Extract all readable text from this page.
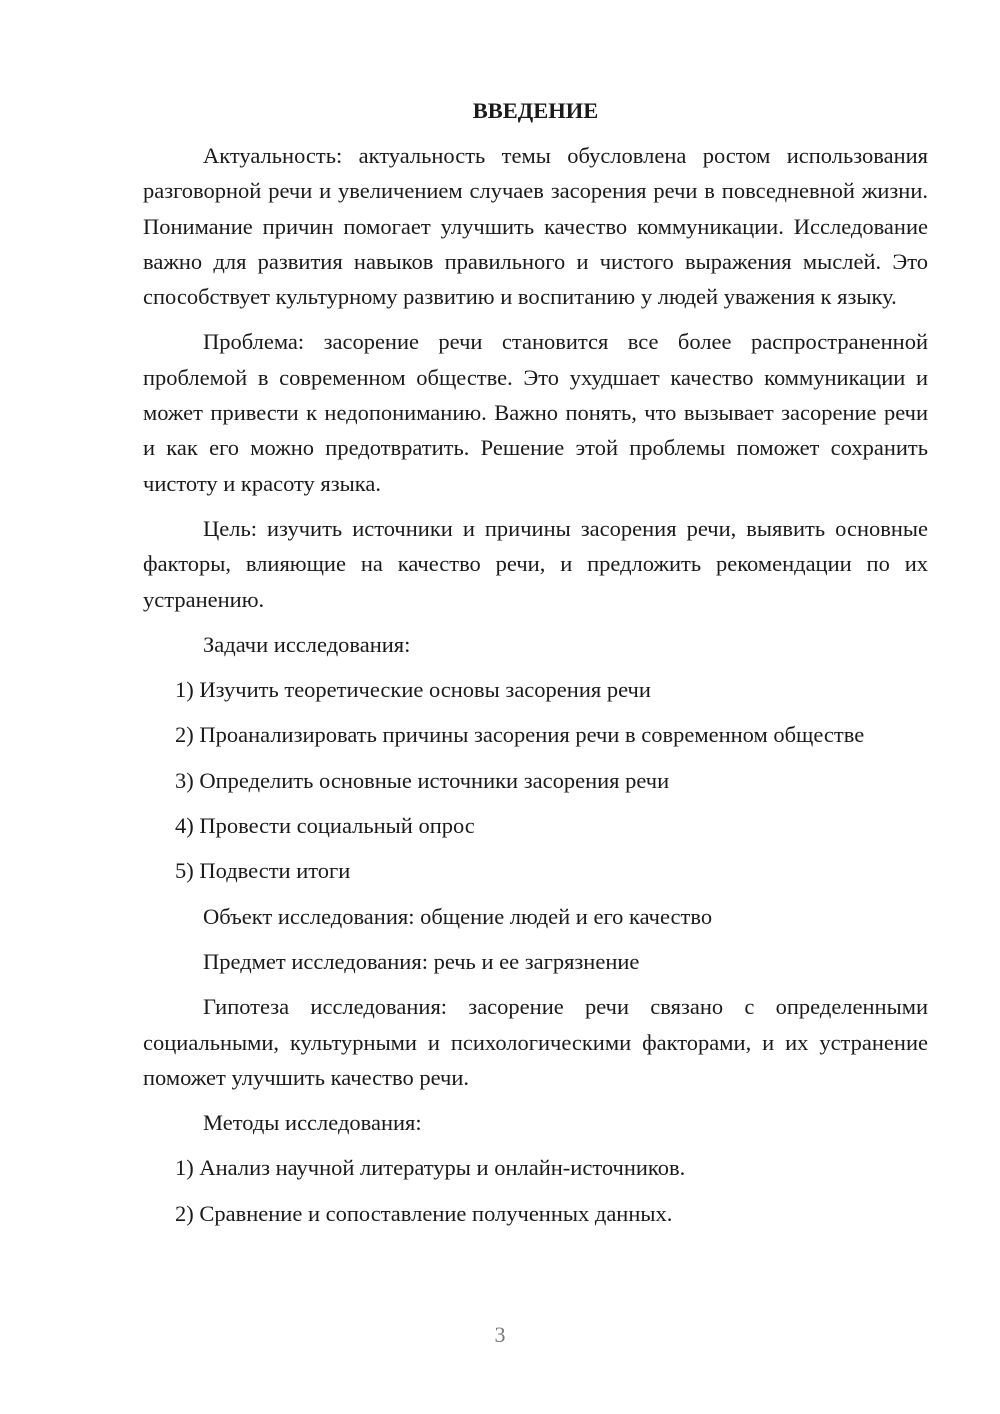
ВВЕДЕНИЕ

Актуальность: актуальность темы обусловлена ростом использования разговорной речи и увеличением случаев засорения речи в повседневной жизни. Понимание причин помогает улучшить качество коммуникации. Исследование важно для развития навыков правильного и чистого выражения мыслей. Это способствует культурному развитию и воспитанию у людей уважения к языку.

Проблема: засорение речи становится все более распространенной проблемой в современном обществе. Это ухудшает качество коммуникации и может привести к недопониманию. Важно понять, что вызывает засорение речи и как его можно предотвратить. Решение этой проблемы поможет сохранить чистоту и красоту языка.

Цель: изучить источники и причины засорения речи, выявить основные факторы, влияющие на качество речи, и предложить рекомендации по их устранению.

Задачи исследования:

1) Изучить теоретические основы засорения речи

2) Проанализировать причины засорения речи в современном обществе

3) Определить основные источники засорения речи

4) Провести социальный опрос

5) Подвести итоги

Объект исследования: общение людей и его качество

Предмет исследования: речь и ее загрязнение

Гипотеза исследования: засорение речи связано с определенными социальными, культурными и психологическими факторами, и их устранение поможет улучшить качество речи.

Методы исследования:

1) Анализ научной литературы и онлайн-источников.

2) Сравнение и сопоставление полученных данных.

3
